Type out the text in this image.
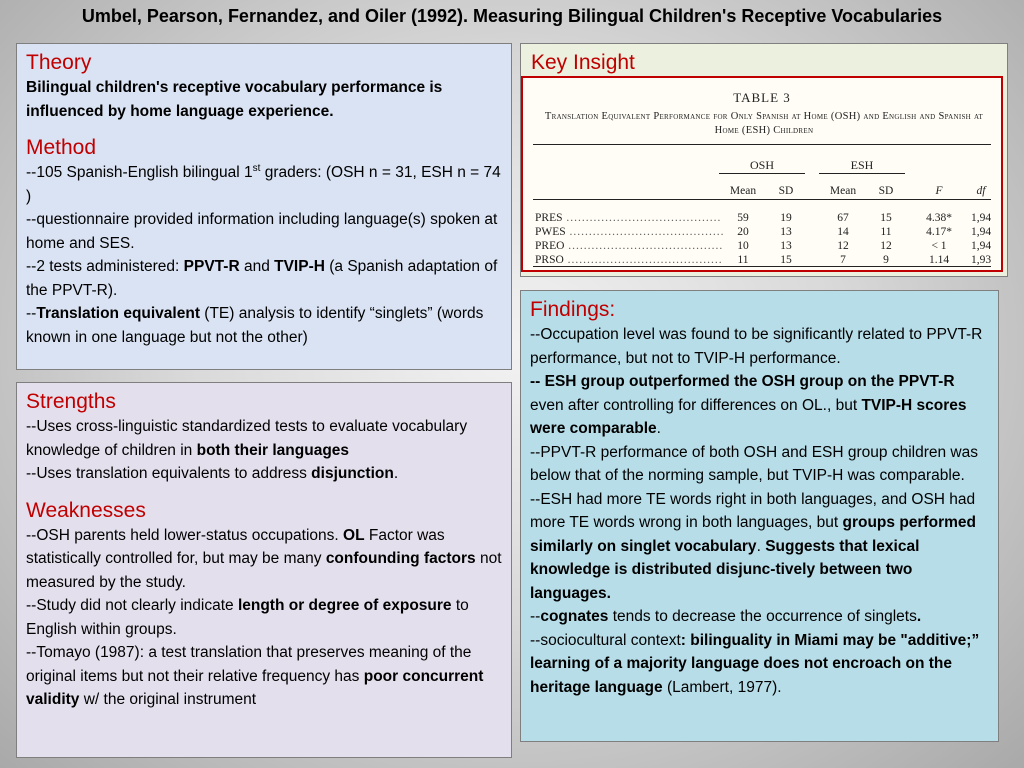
Umbel, Pearson, Fernandez, and Oiler (1992). Measuring Bilingual Children's Receptive Vocabularies
Theory

Bilingual children's receptive vocabulary performance is influenced by home language experience.

Method

--105 Spanish-English bilingual 1st graders: (OSH n = 31, ESH n = 74 )

--questionnaire provided information including language(s) spoken at home and SES.

--2 tests administered: PPVT-R and TVIP-H (a Spanish adaptation of the PPVT-R).

--Translation equivalent (TE) analysis to identify “singlets” (words known in one language but not the other)

Strengths

--Uses cross-linguistic standardized tests to evaluate vocabulary knowledge of children in both their languages

--Uses translation equivalents to address disjunction.

Weaknesses

--OSH parents held lower-status occupations. OL Factor was statistically controlled for, but may be many confounding factors not measured by the study.

--Study did not clearly indicate length or degree of exposure to English within groups.

--Tomayo (1987): a test translation that preserves meaning of the original items but not their relative frequency has poor concurrent validity w/ the original instrument

Key Insight
TABLE 3
Translation Equivalent Performance for Only Spanish at Home (OSH) and English and Spanish at Home (ESH) Children
OSH	ESH
Mean	SD	Mean	SD	F	df
PRES ........................................	59	19	67	15	4.38*	1,94
PWES ........................................	20	13	14	11	4.17*	1,94
PREO ........................................	10	13	12	12	< 1	1,94
PRSO ........................................	11	15	7	9	1.14	1,93
Findings:

--Occupation level was found to be significantly related to PPVT-R performance, but not to TVIP-H performance.

-- ESH group outperformed the OSH group on the PPVT-R even after controlling for differences on OL., but TVIP-H scores were comparable.

--PPVT-R performance of both OSH and ESH group children was below that of the norming sample, but TVIP-H was comparable.

--ESH had more TE words right in both languages, and OSH had more TE words wrong in both languages, but groups performed similarly on singlet vocabulary. Suggests that lexical knowledge is distributed disjunc-tively between two languages.

--cognates tends to decrease the occurrence of singlets.

--sociocultural context: bilinguality in Miami may be "additive;” learning of a majority language does not encroach on the heritage language (Lambert, 1977).
